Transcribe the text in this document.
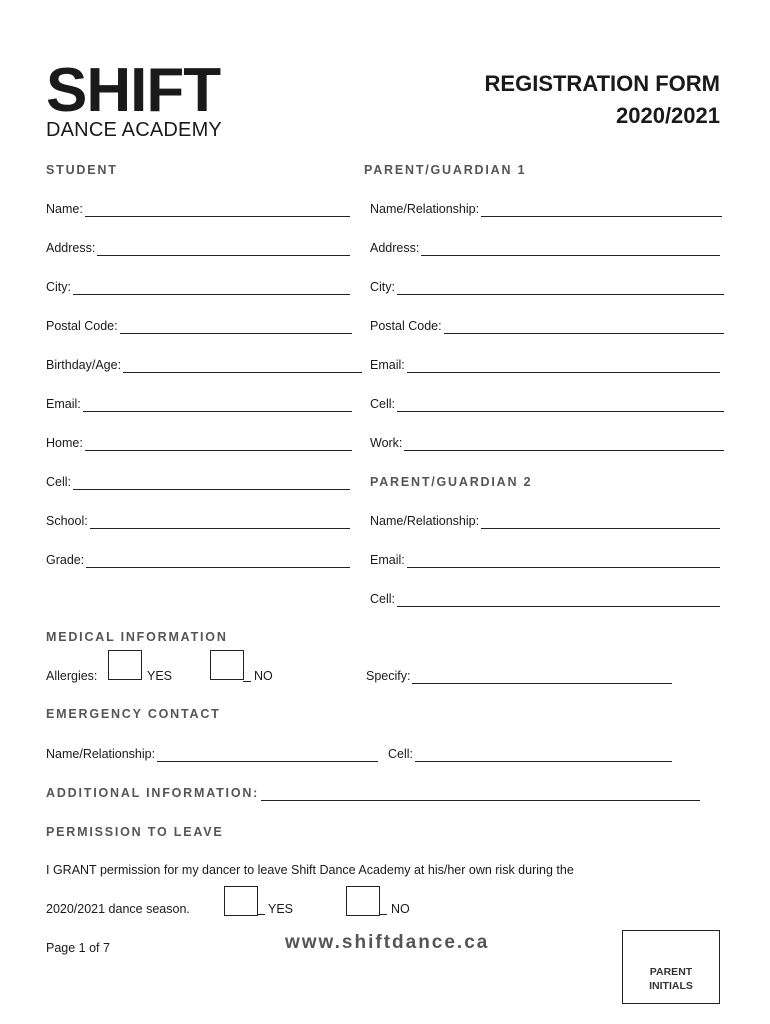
SHIFT
DANCE ACADEMY
REGISTRATION FORM
2020/2021
STUDENT
Name:
Address:
City:
Postal Code:
Birthday/Age:
Email:
Home:
Cell:
School:
Grade:
PARENT/GUARDIAN 1
Name/Relationship:
Address:
City:
Postal Code:
Email:
Cell:
Work:
PARENT/GUARDIAN 2
Name/Relationship:
Email:
Cell:
MEDICAL INFORMATION
Allergies:	YES	NO	Specify:
EMERGENCY CONTACT
Name/Relationship:	Cell:
ADDITIONAL INFORMATION:
PERMISSION TO LEAVE
I GRANT permission for my dancer to leave Shift Dance Academy at his/her own risk during the
2020/2021 dance season.	YES	NO
Page 1 of 7	www.shiftdance.ca
PARENT
INITIALS
